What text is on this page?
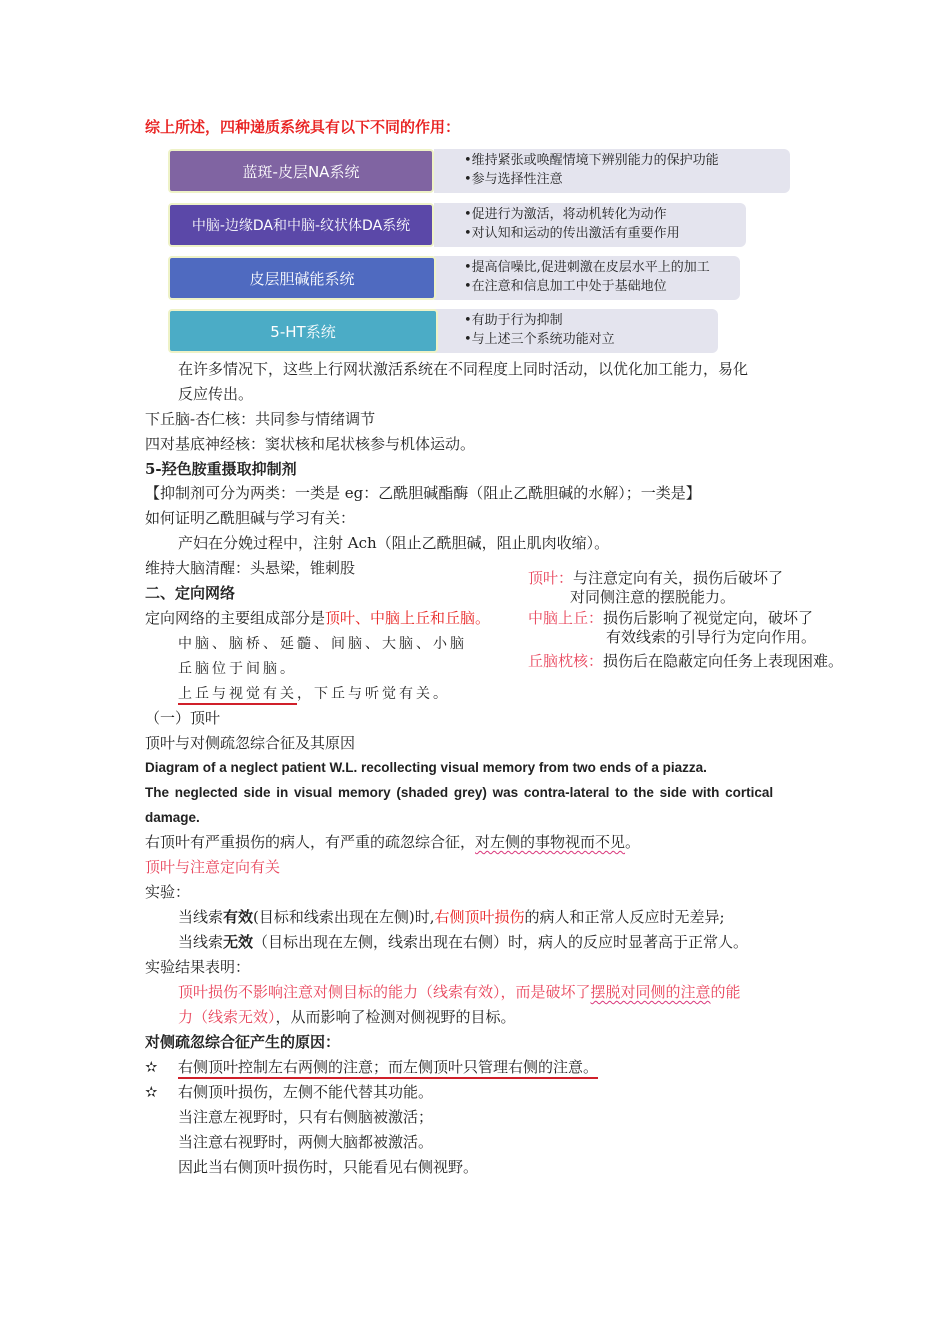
综上所述，四种递质系统具有以下不同的作用：
•维持紧张或唤醒情境下辨别能力的保护功能
•参与选择性注意
蓝斑-皮层NA系统
•促进行为激活，将动机转化为动作
•对认知和运动的传出激活有重要作用
中脑-边缘DA和中脑-纹状体DA系统
•提高信噪比,促进刺激在皮层水平上的加工
•在注意和信息加工中处于基础地位
皮层胆碱能系统
•有助于行为抑制
•与上述三个系统功能对立
5-HT系统
在许多情况下，这些上行网状激活系统在不同程度上同时活动，以优化加工能力，易化
反应传出。
下丘脑-杏仁核：共同参与情绪调节
四对基底神经核：窦状核和尾状核参与机体运动。
5-羟色胺重摄取抑制剂
【抑制剂可分为两类：一类是 eg：乙酰胆碱酯酶（阻止乙酰胆碱的水解）；一类是】
如何证明乙酰胆碱与学习有关：
产妇在分娩过程中，注射 Ach（阻止乙酰胆碱，阻止肌肉收缩）。
维持大脑清醒：头悬梁，锥刺股
二、定向网络
定向网络的主要组成部分是顶叶、中脑上丘和丘脑。
中脑、脑桥、延髓、间脑、大脑、小脑
丘脑位于间脑。
上丘与视觉有关，下丘与听觉有关。
（一）顶叶
顶叶与对侧疏忽综合征及其原因
Diagram of a neglect patient W.L. recollecting visual memory from two ends of a piazza.
The neglected side in visual memory (shaded grey) was contra-lateral to the side with cortical
damage.
右顶叶有严重损伤的病人，有严重的疏忽综合征，对左侧的事物视而不见。
顶叶与注意定向有关
实验：
当线索有效(目标和线索出现在左侧)时,右侧顶叶损伤的病人和正常人反应时无差异;
当线索无效（目标出现在左侧，线索出现在右侧）时，病人的反应时显著高于正常人。
实验结果表明：
顶叶损伤不影响注意对侧目标的能力（线索有效），而是破坏了摆脱对同侧的注意的能
力（线索无效），从而影响了检测对侧视野的目标。
对侧疏忽综合征产生的原因：
✫ 右侧顶叶控制左右两侧的注意；而左侧顶叶只管理右侧的注意。
✫ 右侧顶叶损伤，左侧不能代替其功能。
当注意左视野时，只有右侧脑被激活；
当注意右视野时，两侧大脑都被激活。
因此当右侧顶叶损伤时，只能看见右侧视野。
顶叶：与注意定向有关，损伤后破坏了
对同侧注意的摆脱能力。
中脑上丘：损伤后影响了视觉定向，破坏了
有效线索的引导行为定向作用。
丘脑枕核：损伤后在隐蔽定向任务上表现困难。
